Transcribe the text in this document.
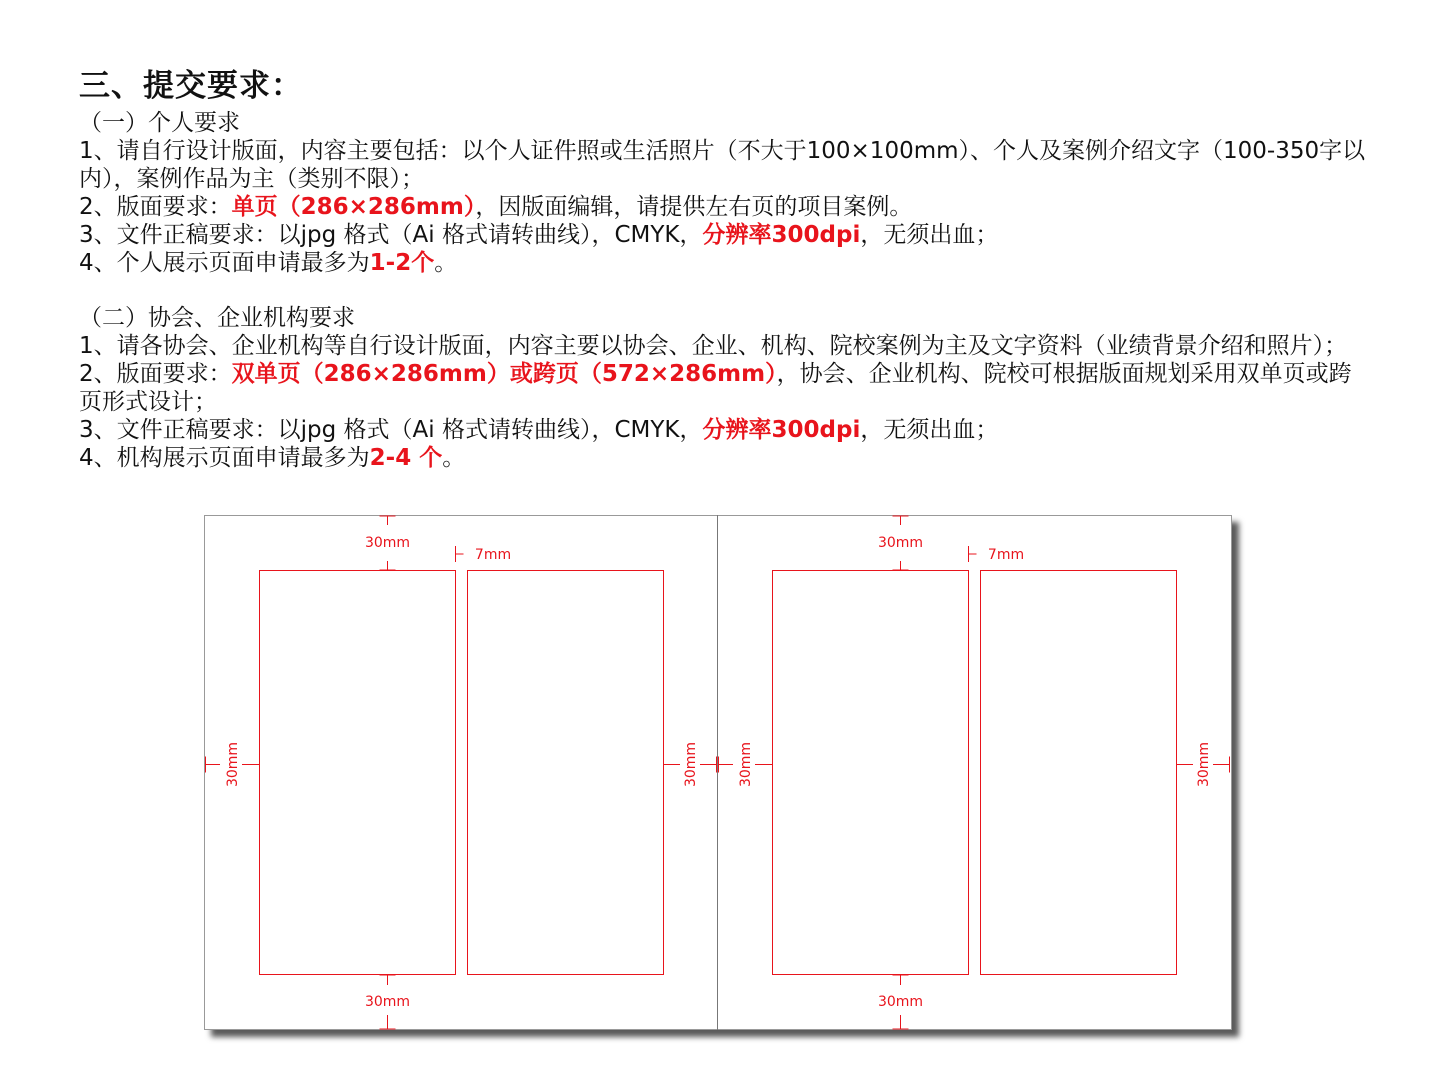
三、提交要求：

（一）个人要求

1、请自行设计版面，内容主要包括：以个人证件照或生活照片（不大于100×100mm）、个人及案例介绍文字（100-350字以内），案例作品为主（类别不限）；

2、版面要求：单页（286×286mm），因版面编辑，请提供左右页的项目案例。

3、文件正稿要求：以jpg 格式（Ai 格式请转曲线），CMYK，分辨率300dpi，无须出血；

4、个人展示页面申请最多为1-2个。

（二）协会、企业机构要求

1、请各协会、企业机构等自行设计版面，内容主要以协会、企业、机构、院校案例为主及文字资料（业绩背景介绍和照片）；

2、版面要求：双单页（286×286mm）或跨页（572×286mm），协会、企业机构、院校可根据版面规划采用双单页或跨页形式设计；

3、文件正稿要求：以jpg 格式（Ai 格式请转曲线），CMYK，分辨率300dpi，无须出血；

4、机构展示页面申请最多为2-4 个。

30mm
30mm
7mm
30mm	30mm
30mm
30mm
7mm
30mm	30mm
